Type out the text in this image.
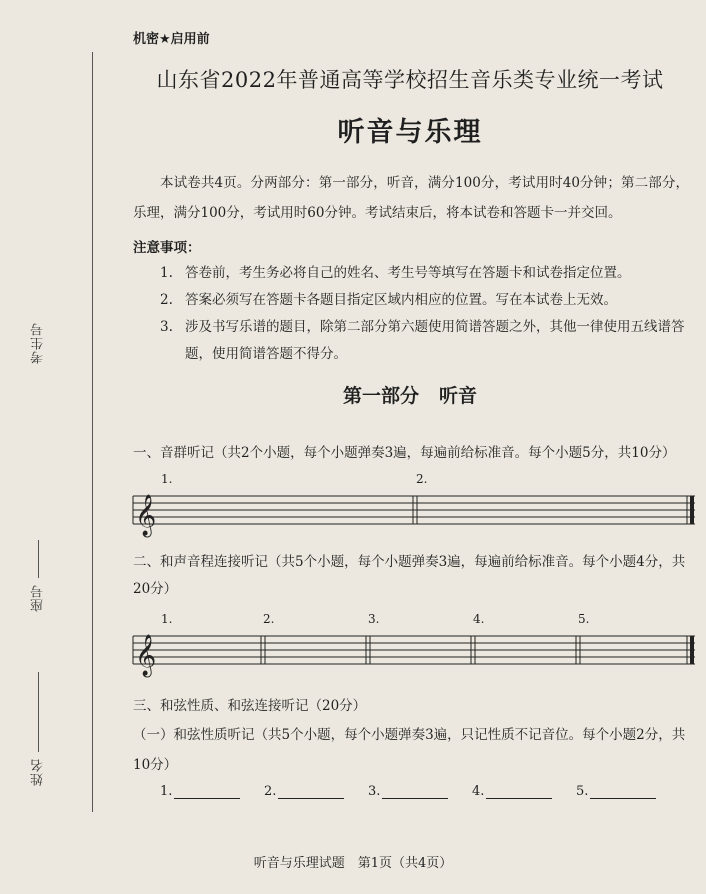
考生号
座号
姓名
机密★启用前
山东省2022年普通高等学校招生音乐类专业统一考试
听音与乐理
本试卷共4页。分两部分：第一部分，听音，满分100分，考试用时40分钟；第二部分，乐理，满分100分，考试用时60分钟。考试结束后，将本试卷和答题卡一并交回。
注意事项：
1. 答卷前，考生务必将自己的姓名、考生号等填写在答题卡和试卷指定位置。
2. 答案必须写在答题卡各题目指定区域内相应的位置。写在本试卷上无效。
3. 涉及书写乐谱的题目，除第二部分第六题使用简谱答题之外，其他一律使用五线谱答题，使用简谱答题不得分。
第一部分 听音
一、音群听记（共2个小题，每个小题弹奏3遍，每遍前给标准音。每个小题5分，共10分）
1.	2.
𝄞
二、和声音程连接听记（共5个小题，每个小题弹奏3遍，每遍前给标准音。每个小题4分，共20分）
1.	2.	3.	4.	5.
𝄞
三、和弦性质、和弦连接听记（20分）
（一）和弦性质听记（共5个小题，每个小题弹奏3遍，只记性质不记音位。每个小题2分，共10分）
1.	2.	3.	4.	5.
听音与乐理试题　第1页（共4页）
